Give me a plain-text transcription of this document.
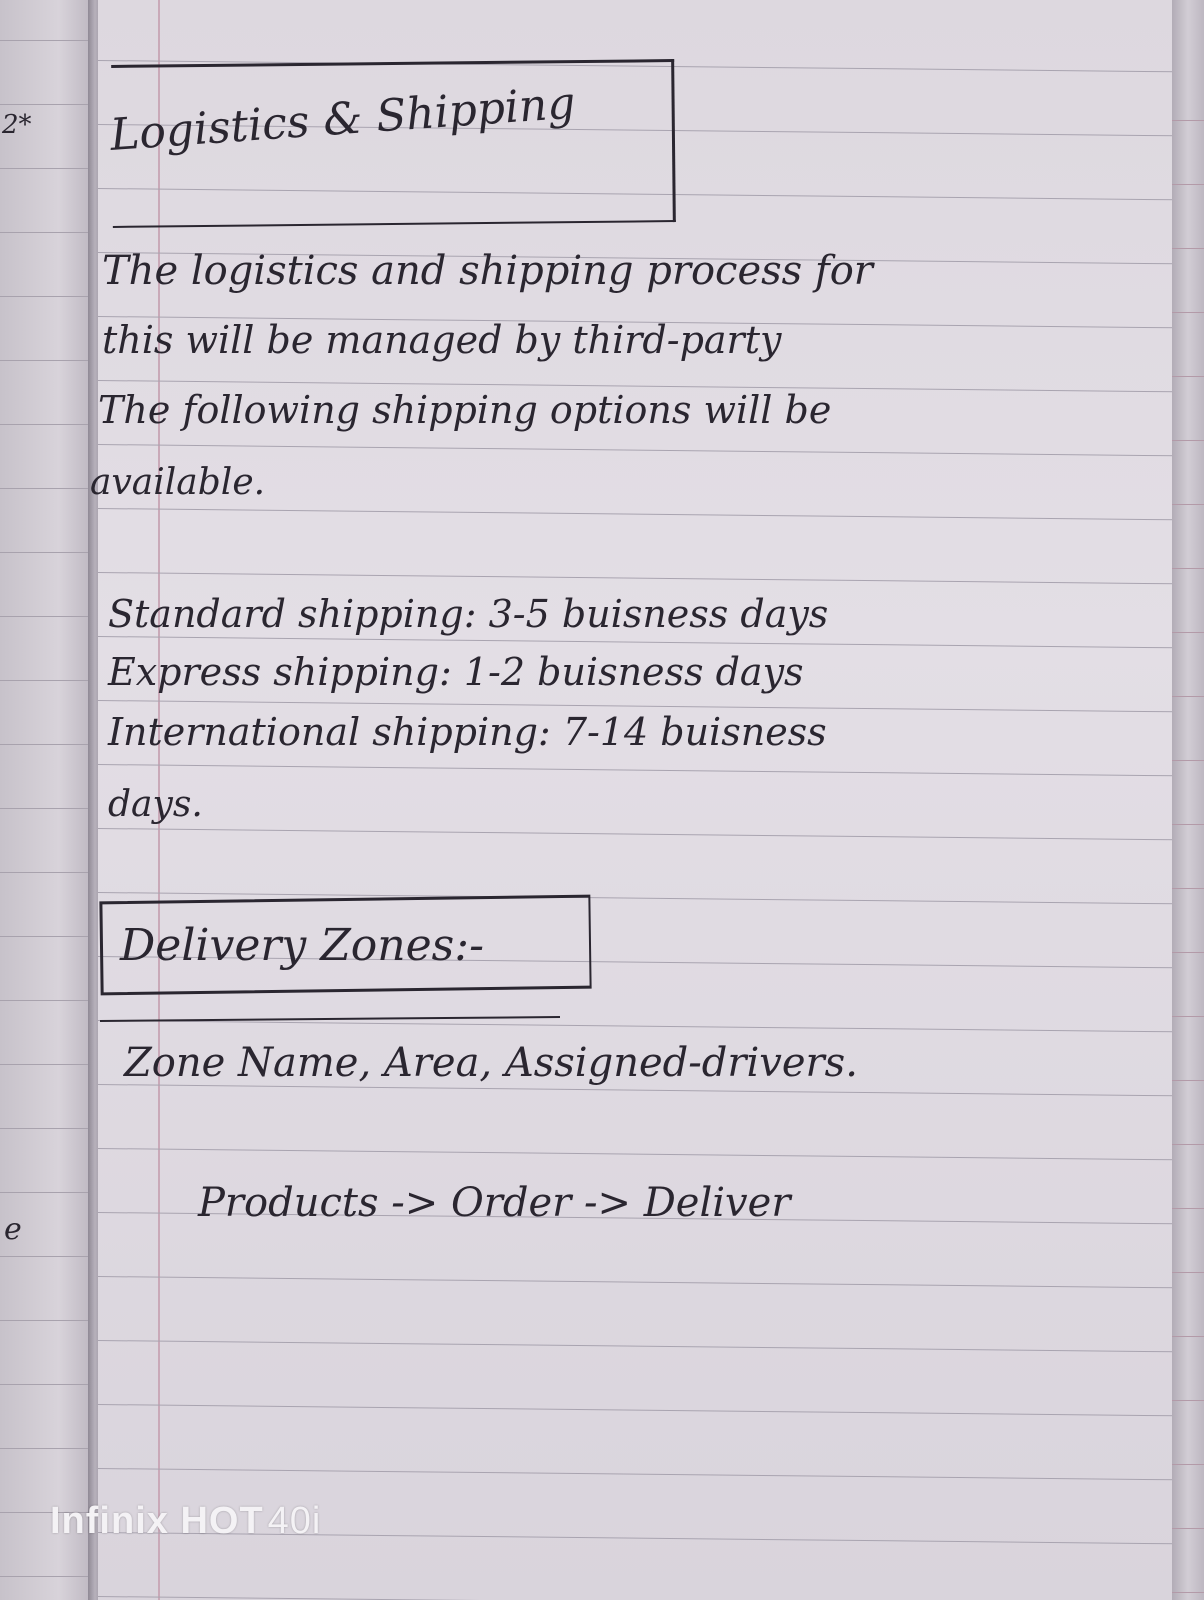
2*
e
Logistics & Shipping
The logistics and shipping process for
this will be managed by third-party
The following shipping options will be
available.
Standard shipping: 3-5 buisness days
Express shipping: 1-2 buisness days
International shipping: 7-14 buisness
days.
Delivery Zones:-
Zone Name, Area, Assigned-drivers.
Products -> Order -> Deliver
Infinix HOT 40i
